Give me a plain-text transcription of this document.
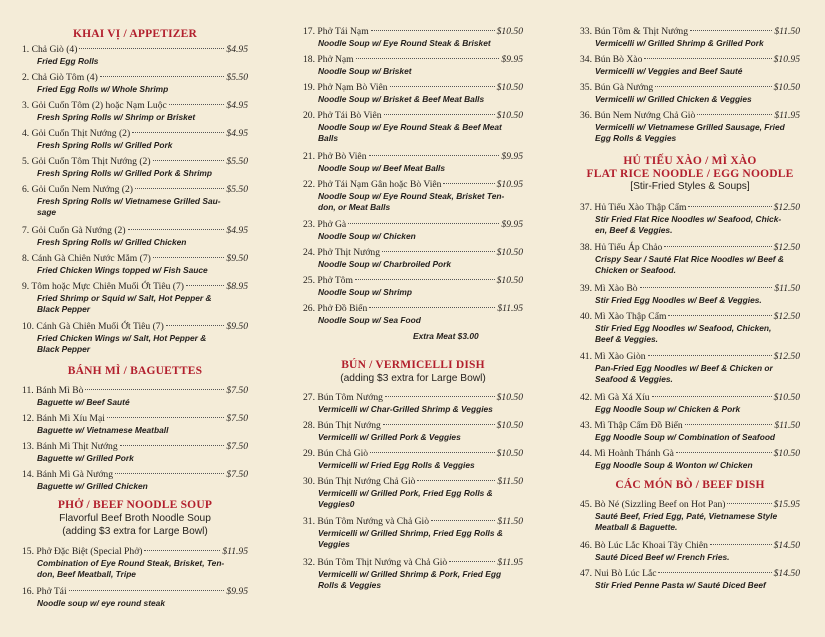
KHAI VỊ / APPETIZER
1. Chả Giò (4)	$4.95
Fried Egg Rolls
2. Chả Giò Tôm (4)	$5.50
Fried Egg Rolls w/ Whole Shrimp
3. Gỏi Cuốn Tôm (2) hoặc Nạm Luộc	$4.95
Fresh Spring Rolls w/ Shrimp or Brisket
4. Gỏi Cuốn Thịt Nướng (2)	$4.95
Fresh Spring Rolls w/ Grilled Pork
5. Gỏi Cuốn Tôm Thịt Nướng (2)	$5.50
Fresh Spring Rolls w/ Grilled Pork & Shrimp
6. Gỏi Cuốn Nem Nướng (2)	$5.50
Fresh Spring Rolls w/ Vietnamese Grilled Sau-
sage
7. Gỏi Cuốn Gà Nướng (2)	$4.95
Fresh Spring Rolls w/ Grilled Chicken
8. Cánh Gà Chiên Nước Mắm (7)	$9.50
Fried Chicken Wings topped w/ Fish Sauce
9. Tôm hoặc Mực Chiên Muối Ớt Tiêu (7)	$8.95
Fried Shrimp or Squid w/ Salt, Hot Pepper &
Black Pepper
10. Cánh Gà Chiên Muối Ớt Tiêu (7)	$9.50
Fried Chicken Wings w/ Salt, Hot Pepper &
Black Pepper
BÁNH MÌ / BAGUETTES
11. Bánh Mì Bò	$7.50
Baguette w/ Beef Sauté
12. Bánh Mì Xíu Mại	$7.50
Baguette w/ Vietnamese Meatball
13. Bánh Mì Thịt Nướng	$7.50
Baguette w/ Grilled Pork
14. Bánh Mì Gà Nướng	$7.50
Baguette w/ Grilled Chicken
PHỞ / BEEF NOODLE SOUP
Flavorful Beef Broth Noodle Soup
(adding $3 extra for Large Bowl)
15. Phở Đặc Biệt (Special Phở)	$11.95
Combination of Eye Round Steak, Brisket, Ten-
don, Beef Meatball, Tripe
16. Phở Tái	$9.95
Noodle soup w/ eye round steak
17. Phở Tái Nạm	$10.50
Noodle Soup w/ Eye Round Steak & Brisket
18. Phở Nạm	$9.95
Noodle Soup w/ Brisket
19. Phở Nạm Bò Viên	$10.50
Noodle Soup w/ Brisket & Beef Meat Balls
20. Phở Tái Bò Viên	$10.50
Noodle Soup w/ Eye Round Steak & Beef Meat
Balls
21. Phở Bò Viên	$9.95
Noodle Soup w/ Beef Meat Balls
22. Phở Tái Nạm Gân hoặc Bò Viên	$10.95
Noodle Soup w/ Eye Round Steak, Brisket Ten-
don, or Meat Balls
23. Phở Gà	$9.95
Noodle Soup w/ Chicken
24. Phở Thịt Nướng	$10.50
Noodle Soup w/ Charbroiled Pork
25. Phở Tôm	$10.50
Noodle Soup w/ Shrimp
26. Phở Đồ Biển	$11.95
Noodle Soup w/ Sea Food
Extra Meat $3.00
BÚN / VERMICELLI DISH
(adding $3 extra for Large Bowl)
27. Bún Tôm Nướng	$10.50
Vermicelli w/ Char-Grilled Shrimp & Veggies
28. Bún Thịt Nướng	$10.50
Vermicelli w/ Grilled Pork & Veggies
29. Bún Chả Giò	$10.50
Vermicelli w/ Fried Egg Rolls & Veggies
30. Bún Thịt Nướng Chả Giò	$11.50
Vermicelli w/ Grilled Pork, Fried Egg Rolls &
Veggies0
31. Bún Tôm Nướng và Chả Giò	$11.50
Vermicelli w/ Grilled Shrimp, Fried Egg Rolls &
Veggies
32. Bún Tôm Thịt Nướng và Chả Giò	$11.95
Vermicelli w/ Grilled Shrimp & Pork, Fried Egg
Rolls & Veggies
33. Bún Tôm & Thịt Nướng	$11.50
Vermicelli w/ Grilled Shrimp & Grilled Pork
34. Bún Bò Xào	$10.95
Vermicelli w/ Veggies and Beef Sauté
35. Bún Gà Nướng	$10.50
Vermicelli w/ Grilled Chicken & Veggies
36. Bún Nem Nướng Chả Giò	$11.95
Vermicelli w/ Vietnamese Grilled Sausage, Fried
Egg Rolls & Veggies
HỦ TIẾU XÀO / MÌ XÀO
FLAT RICE NOODLE / EGG NOODLE
[Stir-Fried Styles & Soups]
37. Hủ Tiếu Xào Thập Cẩm	$12.50
Stir Fried Flat Rice Noodles w/ Seafood, Chick-
en, Beef & Veggies.
38. Hủ Tiếu Áp Chảo	$12.50
Crispy Sear / Sauté Flat Rice Noodles w/ Beef &
Chicken or Seafood.
39. Mì Xào Bò	$11.50
Stir Fried Egg Noodles w/ Beef & Veggies.
40. Mì Xào Thập Cẩm	$12.50
Stir Fried Egg Noodles w/ Seafood, Chicken,
Beef & Veggies.
41. Mì Xào Giòn	$12.50
Pan-Fried Egg Noodles w/ Beef & Chicken or
Seafood & Veggies.
42. Mì Gà Xá Xíu	$10.50
Egg Noodle Soup w/ Chicken & Pork
43. Mì Thập Cẩm Đồ Biển	$11.50
Egg Noodle Soup w/ Combination of Seafood
44. Mì Hoành Thánh Gà	$10.50
Egg Noodle Soup & Wonton w/ Chicken
CÁC MÓN BÒ / BEEF DISH
45. Bò Né (Sizzling Beef on Hot Pan)	$15.95
Sauté Beef, Fried Egg, Paté, Vietnamese Style
Meatball & Baguette.
46. Bò Lúc Lắc Khoai Tây Chiên	$14.50
Sauté Diced Beef w/ French Fries.
47. Nui Bò Lúc Lắc	$14.50
Stir Fried Penne Pasta w/ Sauté Diced Beef
